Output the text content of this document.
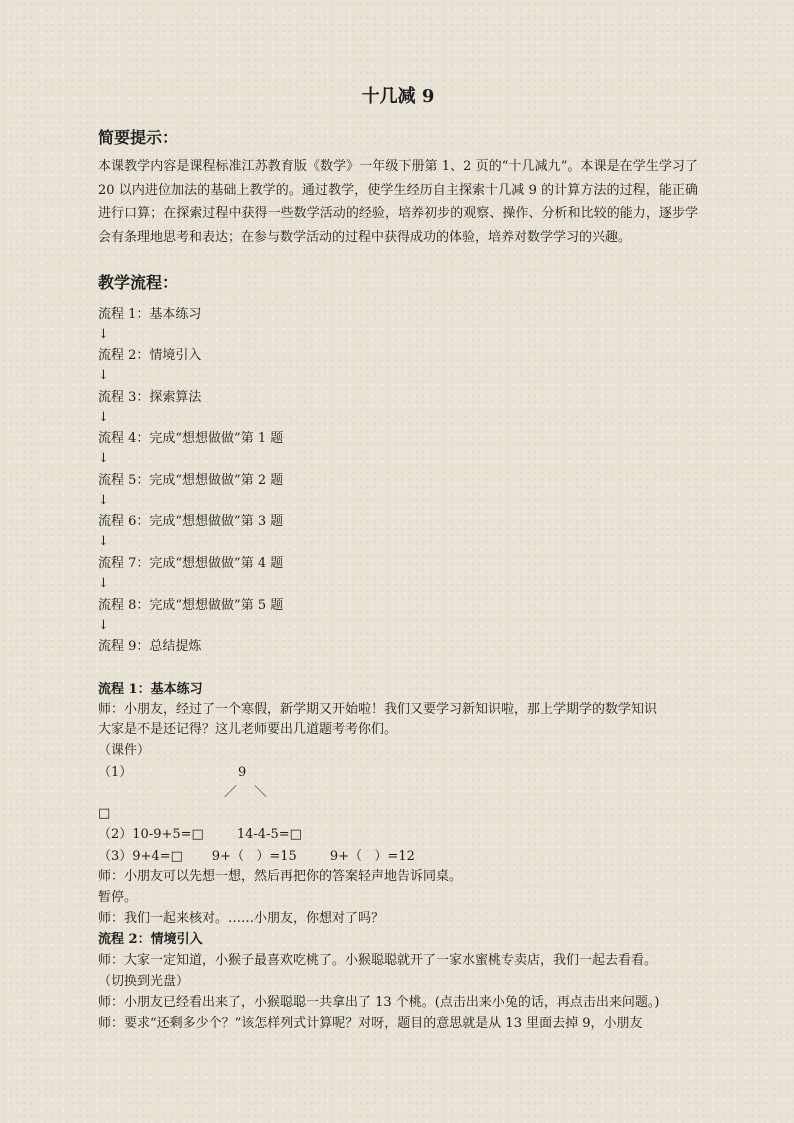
十几减 9
简要提示：
本课教学内容是课程标准江苏教育版《数学》一年级下册第 1、2 页的“十几减九”。本课是在学生学习了 20 以内进位加法的基础上教学的。通过教学，使学生经历自主探索十几减 9 的计算方法的过程，能正确进行口算；在探索过程中获得一些数学活动的经验，培养初步的观察、操作、分析和比较的能力，逐步学会有条理地思考和表达；在参与数学活动的过程中获得成功的体验，培养对数学学习的兴趣。
教学流程：
流程 1：基本练习
↓
流程 2：情境引入
↓
流程 3：探索算法
↓
流程 4：完成“想想做做”第 1 题
↓
流程 5：完成“想想做做”第 2 题
↓
流程 6：完成“想想做做”第 3 题
↓
流程 7：完成“想想做做”第 4 题
↓
流程 8：完成“想想做做”第 5 题
↓
流程 9：总结提炼
流程 1：基本练习
师：小朋友，经过了一个寒假，新学期又开始啦！我们又要学习新知识啦，那上学期学的数学知识
大家是不是还记得？这儿老师要出几道题考考你们。
（课件）
（1）	9
／ ＼
□
（2）10-9+5=□        14-4-5=□
（3）9+4=□       9+（   ）=15        9+（   ）=12
师：小朋友可以先想一想，然后再把你的答案轻声地告诉同桌。
暂停。
师：我们一起来核对。……小朋友，你想对了吗？
流程 2：情境引入
师：大家一定知道，小猴子最喜欢吃桃了。小猴聪聪就开了一家水蜜桃专卖店，我们一起去看看。
（切换到光盘）
师：小朋友已经看出来了，小猴聪聪一共拿出了 13 个桃。(点击出来小兔的话，再点击出来问题。)
师：要求“还剩多少个？”该怎样列式计算呢？对呀，题目的意思就是从 13 里面去掉 9，小朋友
